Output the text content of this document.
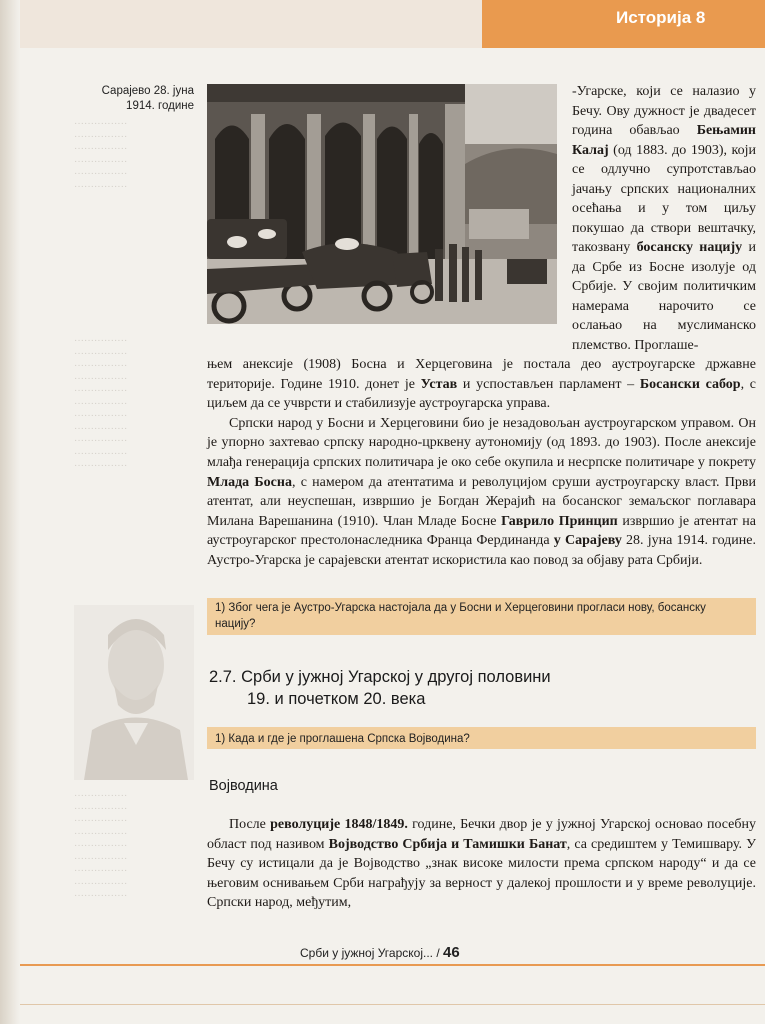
Историја 8
················
················
················
················
················
················
················
················
················
················
················
················
················
················
················
················
················
················
················
················
················
················
················
················
················
················
Сарајево 28. јуна 1914. године

-Угарске, који се налазио у Бечу. Ову дужност је двадесет година обављао Бењамин Калај (од 1883. до 1903), који се одлучно супротстављао јачању српских националних осећања и у том циљу покушао да створи вештачку, такозвану босанску нацију и да Србе из Босне изолује од Србије. У својим политичким намерама нарочито се ослањао на муслиманско племство. Проглаше-

њем анексије (1908) Босна и Херцеговина је постала део аустроугарске државне територије. Године 1910. донет је Устав и успостављен парламент – Босански сабор, с циљем да се учврсти и стабилизује аустроугарска управа.

Српски народ у Босни и Херцеговини био је незадовољан аустроугарском управом. Он је упорно захтевао српску народно-црквену аутономију (од 1893. до 1903). После анексије млађа генерација српских политичара је око себе окупила и несрпске политичаре у покрету Млада Босна, с намером да атентатима и револуцијом сруши аустроугарску власт. Први атентат, али неуспешан, извршио је Богдан Жерајић на босанског земаљског поглавара Милана Варешанина (1910). Члан Младе Босне Гаврило Принцип извршио је атентат на аустроугарског престолонаследника Франца Фердинанда у Сарајеву 28. јуна 1914. године. Аустро-Угарска је сарајевски атентат искористила као повод за објаву рата Србији.

1) Због чега је Аустро-Угарска настојала да у Босни и Херцеговини прогласи нову, босанску нацију?
2.7. Срби у јужној Угарској у другој половини
19. и почетком 20. века
1) Када и где је проглашена Српска Војводина?
Војводина

После револуције 1848/1849. године, Бечки двор је у јужној Угарској основао посебну област под називом Војводство Србија и Тамишки Банат, са средиштем у Темишвару. У Бечу су истицали да је Војводство „знак високе милости према српском народу“ и да се његовим оснивањем Срби награђују за верност у далекој прошлости и у време револуције. Српски народ, међутим,

Срби у јужној Угарској... / 46
